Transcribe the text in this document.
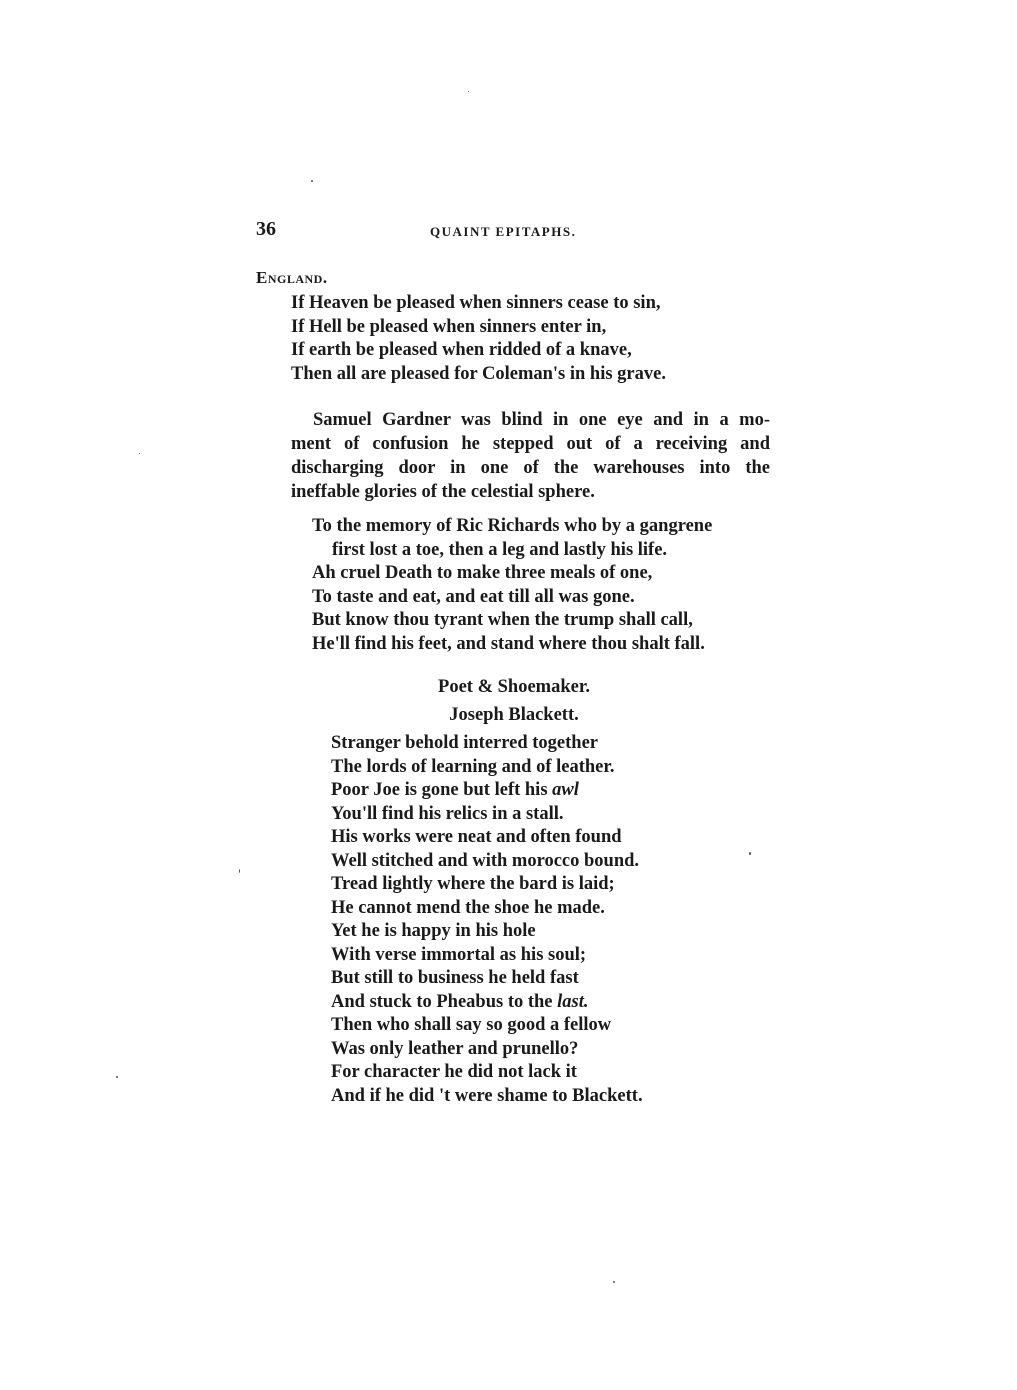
36	QUAINT EPITAPHS.
England.
If Heaven be pleased when sinners cease to sin,
If Hell be pleased when sinners enter in,
If earth be pleased when ridded of a knave,
Then all are pleased for Coleman's in his grave.
Samuel Gardner was blind in one eye and in a mo-
ment of confusion he stepped out of a receiving and
discharging door in one of the warehouses into the
ineffable glories of the celestial sphere.
To the memory of Ric Richards who by a gangrene
first lost a toe, then a leg and lastly his life.
Ah cruel Death to make three meals of one,
To taste and eat, and eat till all was gone.
But know thou tyrant when the trump shall call,
He'll find his feet, and stand where thou shalt fall.
Poet & Shoemaker.
Joseph Blackett.
Stranger behold interred together
The lords of learning and of leather.
Poor Joe is gone but left his awl
You'll find his relics in a stall.
His works were neat and often found
Well stitched and with morocco bound.
Tread lightly where the bard is laid;
He cannot mend the shoe he made.
Yet he is happy in his hole
With verse immortal as his soul;
But still to business he held fast
And stuck to Pheabus to the last.
Then who shall say so good a fellow
Was only leather and prunello?
For character he did not lack it
And if he did 't were shame to Blackett.
